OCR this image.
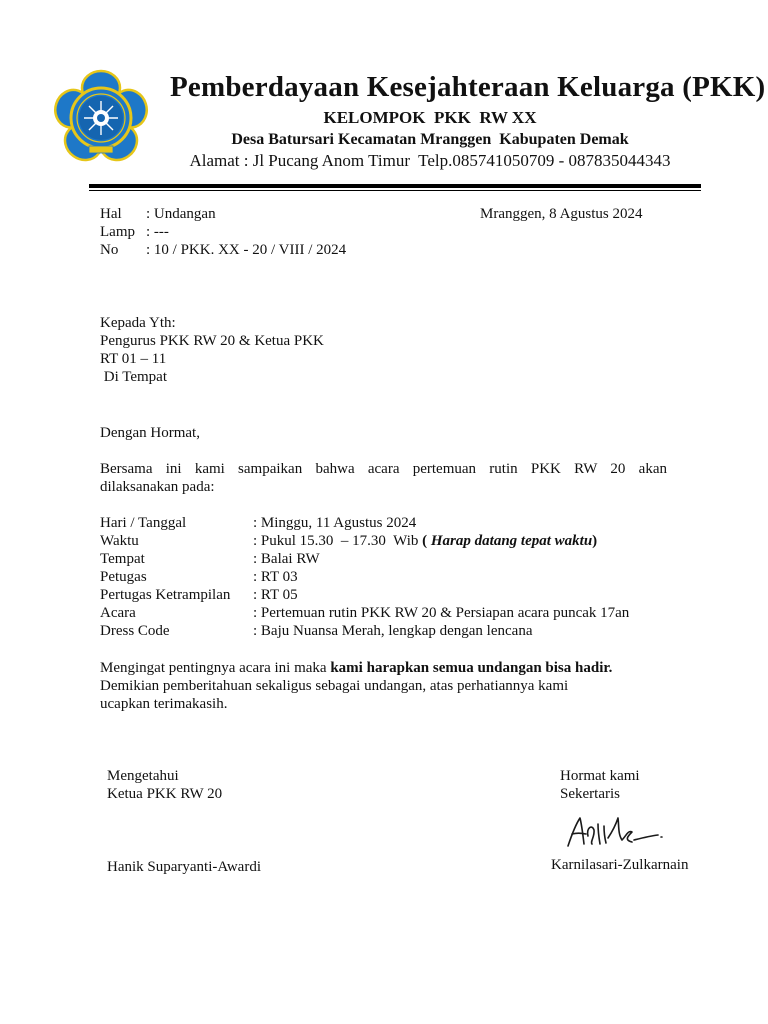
Pemberdayaan Kesejahteraan Keluarga (PKK)
KELOMPOK  PKK  RW XX
Desa Batursari Kecamatan Mranggen  Kabupaten Demak
Alamat : Jl Pucang Anom Timur  Telp.085741050709 - 087835044343
Hal : Undangan
Lamp : ---
No : 10 / PKK. XX - 20 / VIII / 2024
Mranggen, 8 Agustus 2024
Kepada Yth:
Pengurus PKK RW 20 & Ketua PKK
RT 01 – 11
Di Tempat
Dengan Hormat,
Bersama ini kami sampaikan bahwa acara pertemuan rutin PKK RW 20 akan
dilaksanakan pada:
Hari / Tanggal	: Minggu, 11 Agustus 2024
Waktu	: Pukul 15.30  – 17.30  Wib ( Harap datang tepat waktu)
Tempat	: Balai RW
Petugas	: RT 03
Pertugas Ketrampilan : RT 05
Acara	: Pertemuan rutin PKK RW 20 & Persiapan acara puncak 17an
Dress Code	: Baju Nuansa Merah, lengkap dengan lencana
Mengingat pentingnya acara ini maka kami harapkan semua undangan bisa hadir.
Demikian pemberitahuan sekaligus sebagai undangan, atas perhatiannya kami
ucapkan terimakasih.
Mengetahui
Ketua PKK RW 20
Hanik Suparyanti-Awardi
Hormat kami
Sekertaris
Karnilasari-Zulkarnain
